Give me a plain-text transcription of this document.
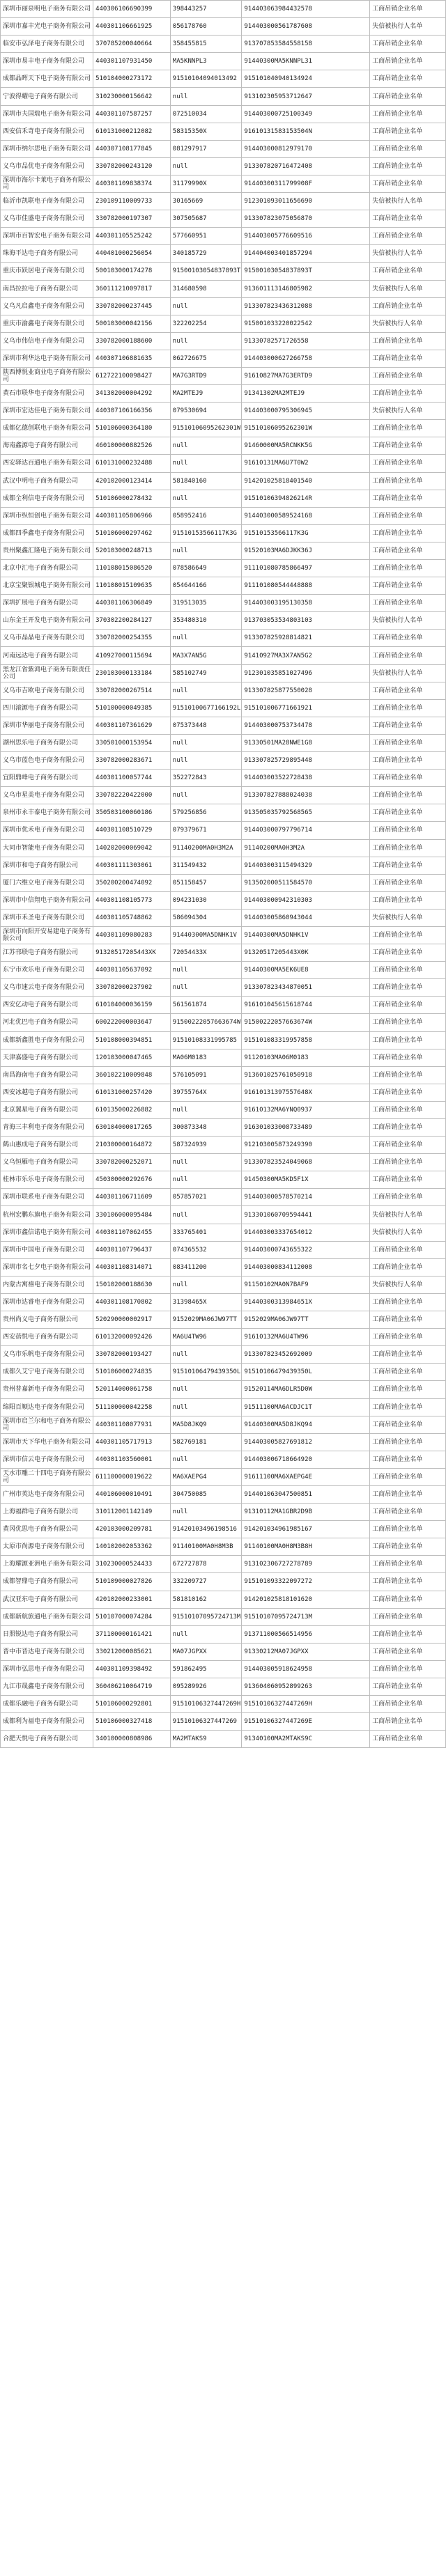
深圳市丽泉明电子商务有限公司	440306106690399	398443257	914403063984432578	工商吊销企业名单
深圳市嘉丰光电子商务有限公司	440301106661925	056178760	914403000561787608	失信被执行人名单
临安市弘泽电子商务有限公司	370785200040664	358455815	913707853584558158	工商吊销企业名单
深圳市易丰电子商务有限公司	440301107931450	MA5KNNPL3	91440300MA5KNNPL31	工商吊销企业名单
成都晶晖天下电子商务有限公司	510104000273172	91510104094013492	915101040940134924	工商吊销企业名单
宁波得耀电子商务有限公司	310230000156642	null	913102305953712647	工商吊销企业名单
深圳市夫国瑞电子商务有限公司	440301107587257	072510034	914403000725100349	工商吊销企业名单
西安信禾奇电子商务有限公司	610131000212082	58315350X	91610131583153504N	工商吊销企业名单
深圳市纳尔思电子商务有限公司	440307108177845	081297917	914403000812979170	工商吊销企业名单
义乌市品优电子商务有限公司	330782000243120	null	913307820716472408	工商吊销企业名单
深圳市海尔卡莱电子商务有限公司	440301109838374	31179990X	91440300311799908F	工商吊销企业名单
临沂市凯联电子商务有限公司	230109110009733	30165669	912301093011656690	失信被执行人名单
义乌市佳盛电子商务有限公司	330782000197307	307505687	913307823075056870	工商吊销企业名单
深圳市百智宏电子商务有限公司	440301105525242	577660951	914403005776609516	工商吊销企业名单
珠海平达电子商务有限公司	440401000256054	340185729	914404003401857294	失信被执行人名单
重庆市跃居电子商务有限公司	500103000174278	91500103054837893T	91500103054837893T	工商吊销企业名单
南昌拉拉电子商务有限公司	360111210097817	314680598	913601113146805982	失信被执行人名单
义乌凡启鑫电子商务有限公司	330782000237445	null	913307823436312088	工商吊销企业名单
重庆市渝鑫电子商务有限公司	500103000042156	322202254	915001033220022542	失信被执行人名单
义乌市伟信电子商务有限公司	330782000188600	null	91330782571726558	工商吊销企业名单
深圳市利华达电子商务有限公司	440307106881635	062726675	914403000627266758	工商吊销企业名单
陕西博悦业商业电子商务有限公司	612722100098427	MA7G3RTD9	91610827MA7G3ERTD9	工商吊销企业名单
黄石市联华电子商务有限公司	341302000004292	MA2MTEJ9	91341302MA2MTEJ9	工商吊销企业名单
深圳市宏达佳电子商务有限公司	440307106166356	079530694	914403000795306945	失信被执行人名单
成都亿德创联电子商务有限公司	510106000364180	91510106095262301W	91510106095262301W	工商吊销企业名单
海南鑫源电子商务有限公司	460100000882526	null	91460000MA5RCNKK5G	工商吊销企业名单
西安驿达百通电子商务有限公司	610131000232488	null	91610131MA6U7T0W2	工商吊销企业名单
武汉中明电子商务有限公司	420102000123414	581840160	914201025818401540	工商吊销企业名单
成都全利信电子商务有限公司	510106000278432	null	91510106394826214R	工商吊销企业名单
深圳市纵恒创电子商务有限公司	440301105806966	058952416	914403000589524168	工商吊销企业名单
成都四季鑫电子商务有限公司	510106000297462	91510153566117K3G	91510153566117K3G	工商吊销企业名单
贵州聚鑫汇隆电子商务有限公司	520103000248713	null	91520103MA6DJKK36J	工商吊销企业名单
北京中汇电子商务有限公司	110108015086520	078586649	911101080785866497	工商吊销企业名单
北京宝聚银城电子商务有限公司	110108015109635	054644166	911101080544448888	工商吊销企业名单
深圳扩展电子商务有限公司	440301106306849	319513035	914403003195130358	工商吊销企业名单
山东金王开发电子商务有限公司	370302200284127	353480310	913703053534803103	失信被执行人名单
义乌市晶晶电子商务有限公司	330782000254355	null	913307825928814821	工商吊销企业名单
河南远达电子商务有限公司	410927000115694	MA3X7AN5G	91410927MA3X7AN5G2	工商吊销企业名单
黑龙江省紫鸿电子商务有限责任公司	230103000133184	585102749	912301035851027496	失信被执行人名单
义乌市吉欧电子商务有限公司	330782000267514	null	913307825877550028	工商吊销企业名单
四川滚源电子商务有限公司	510100000049385	91510100677166192L	915101006771661921	工商吊销企业名单
深圳市华丽电子商务有限公司	440301107361629	075373448	914403000753734478	工商吊销企业名单
湖州思乐电子商务有限公司	330501000153954	null	91330501MA28NWE1G8	工商吊销企业名单
义乌市蓝色电子商务有限公司	330782000283671	null	913307825729895448	工商吊销企业名单
宜阳鼎峰电子商务有限公司	440301100057744	352272843	914403003522728438	工商吊销企业名单
义乌市星美电子商务有限公司	330782220422000	null	913307827888024038	工商吊销企业名单
泉州市永丰泰电子商务有限公司	350503100060186	579256856	913505035792568565	工商吊销企业名单
深圳市优禾电子商务有限公司	440301108510729	079379671	914403000797796714	工商吊销企业名单
大同市智能电子商务有限公司	140202000069042	91140200MA0H3M2A	91140200MA0H3M2A	工商吊销企业名单
深圳市和电子商务有限公司	440301111303061	311549432	914403003115494329	工商吊销企业名单
厦门六维立电子商务有限公司	350200200474092	051158457	913502000511584570	工商吊销企业名单
深圳市中信翔电子商务有限公司	440301108105773	094231030	914403000942310303	工商吊销企业名单
深圳市禾圣电子商务有限公司	440301105748862	586094304	914403005860943044	失信被执行人名单
深圳市向阳开安易建电子商务有限公司	440301109080283	91440300MA5DNHK1V	91440300MA5DNHK1V	工商吊销企业名单
江苏邗联电子商务有限公司	91320517205443XK	72054433X	91320517205443X0K	工商吊销企业名单
东宁市欢乐电子商务有限公司	440301105637092	null	91440300MA5EK6UE8	工商吊销企业名单
义乌市速云电子商务有限公司	330782000237902	null	913307823434870051	工商吊销企业名单
西安亿动电子商务有限公司	610104000036159	561561874	916101045615618744	工商吊销企业名单
河北优巴电子商务有限公司	600222000003647	91500222057663674W	91500222057663674W	工商吊销企业名单
成都新鑫胜电子商务有限公司	510108000394851	91510108331995785	915101083319957858	工商吊销企业名单
天津嘉盛电子商务有限公司	120103000047465	MA06M0183	91120103MA06M0183	工商吊销企业名单
南昌海南电子商务有限公司	360102210009848	576105091	913601025761050918	工商吊销企业名单
西安冰越电子商务有限公司	610131000257420	39755764X	91610131397557648X	工商吊销企业名单
北京翼星电子商务有限公司	610135000226882	null	91610132MA6YNQ0937	工商吊销企业名单
青海三丰利电子商务有限公司	630104000017265	300873348	916301033008733489	工商吊销企业名单
鹤山惠成电子商务有限公司	210300000164872	587324939	912103005873249390	工商吊销企业名单
义乌恒雁电子商务有限公司	330782000252071	null	913307823524049068	工商吊销企业名单
桂林市乐乐电子商务有限公司	450300000292676	null	91450300MA5KD5F1X	工商吊销企业名单
深圳市联系电子商务有限公司	440301106711609	057857021	914403000578570214	工商吊销企业名单
杭州宏鹏东旗电子商务有限公司	330106000095484	null	913301060709594441	失信被执行人名单
深圳市鑫信诺电子商务有限公司	440301107062455	333765401	914403003337654012	失信被执行人名单
深圳市中国电子商务有限公司	440301107796437	074365532	914403000743655322	工商吊销企业名单
深圳市名七夕电子商务有限公司	440301108314071	083411200	914403000834112008	工商吊销企业名单
内蒙古寓禧电子商务有限公司	150102000188630	null	91150102MA0N7BAF9	失信被执行人名单
深圳市达睿电子商务有限公司	440301108170802	31398465X	91440300313984651X	工商吊销企业名单
贵州尚义电子商务有限公司	520290000002917	9152029MA06JW97TT	9152029MA06JW97TT	工商吊销企业名单
西安蓓悦电子商务有限公司	610132000092426	MA6U4TW96	91610132MA6U4TW96	工商吊销企业名单
义乌市乐帆电子商务有限公司	330782000193427	null	913307823452692009	工商吊销企业名单
成都久艾宁电子商务有限公司	510106000274835	91510106479439350L	91510106479439350L	工商吊销企业名单
贵州普嘉新电子商务有限公司	520114000061758	null	91520114MA6DLR5D0W	工商吊销企业名单
绵阳百顺达电子商务有限公司	511100000042258	null	91511100MA6ACDJC1T	工商吊销企业名单
深圳市启兰尔和电子商务有限公司	440301108077931	MA5D8JKQ9	91440300MA5D8JKQ94	工商吊销企业名单
深圳市天下华电子商务有限公司	440301105717913	582769181	914403005827691812	工商吊销企业名单
深圳市信云电子商务有限公司	440301103560001	null	914403006718664920	工商吊销企业名单
天水市雕二十四电子商务有限公司	611100000019622	MA6XAEPG4	91611100MA6XAEPG4E	工商吊销企业名单
广州市英达电子商务有限公司	440106000010491	304750085	914401063047500851	工商吊销企业名单
上海福群电子商务有限公司	310112001142149	null	91310112MA1GBR2D9B	工商吊销企业名单
黄冈优思电子商务有限公司	420103000209781	91420103496198516	914201034961985167	工商吊销企业名单
太原市尚源电子商务有限公司	140102002053362	91140100MA0H8M3B	91140100MA0H8M3B8H	工商吊销企业名单
上海耀源亚洲电子商务有限公司	310230000524433	672727878	913102306727278789	工商吊销企业名单
成都智鼎电子商务有限公司	510109000027826	332209727	915101093322097272	工商吊销企业名单
武汉亚东电子商务有限公司	420102000233001	581810162	914201025818101620	工商吊销企业名单
成都新航旅通电子商务有限公司	510107000074284	91510107095724713M	91510107095724713M	工商吊销企业名单
日照锐达电子商务有限公司	371100000161421	null	913711000566514956	工商吊销企业名单
晋中市晋达电子商务有限公司	330212000085621	MA07JGPXX	91330212MA07JGPXX	工商吊销企业名单
深圳市弘思电子商务有限公司	440301109398492	591862495	914403005918624958	工商吊销企业名单
九江市晟鑫电子商务有限公司	360406210064719	095289926	913604060952899263	工商吊销企业名单
成都乐融电子商务有限公司	510106000292801	91510106327447269H	91510106327447269H	工商吊销企业名单
成都利为福电子商务有限公司	510106000327418	91510106327447269	91510106327447269E	工商吊销企业名单
合肥天悦电子商务有限公司	340100000808986	MA2MTAKS9	91340100MA2MTAKS9C	工商吊销企业名单
